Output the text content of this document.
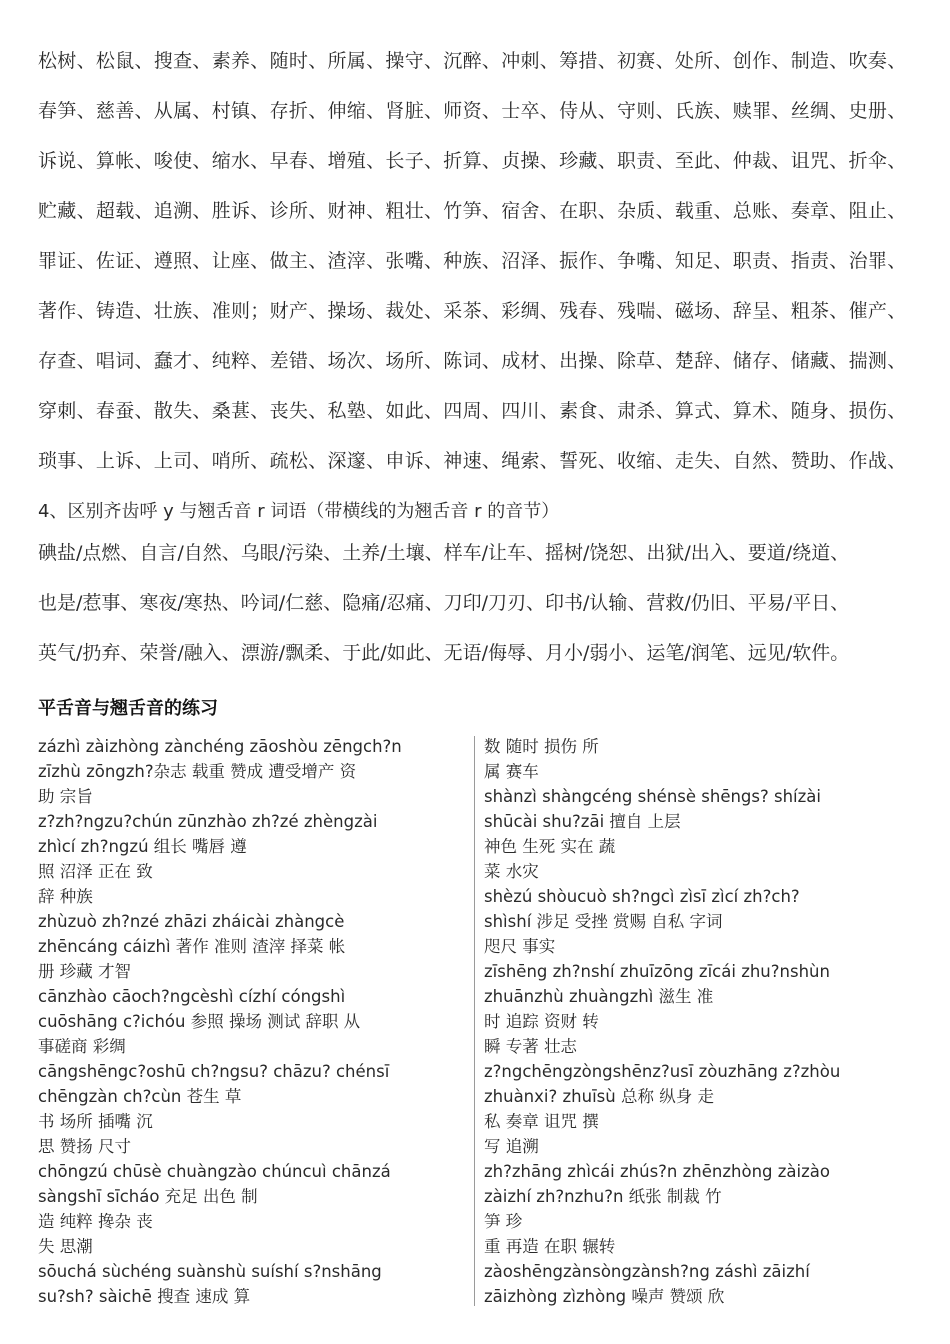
松树、松鼠、搜查、素养、随时、所属、操守、沉醉、冲刺、筹措、初赛、处所、创作、制造、吹奏、
春笋、慈善、从属、村镇、存折、伸缩、肾脏、师资、士卒、侍从、守则、氏族、赎罪、丝绸、史册、
诉说、算帐、唆使、缩水、早春、增殖、长子、折算、贞操、珍藏、职责、至此、仲裁、诅咒、折伞、
贮藏、超载、追溯、胜诉、诊所、财神、粗壮、竹笋、宿舍、在职、杂质、载重、总账、奏章、阻止、
罪证、佐证、遵照、让座、做主、渣滓、张嘴、种族、沼泽、振作、争嘴、知足、职责、指责、治罪、
著作、铸造、壮族、准则；财产、操场、裁处、采茶、彩绸、残春、残喘、磁场、辞呈、粗茶、催产、
存查、唱词、蠢才、纯粹、差错、场次、场所、陈词、成材、出操、除草、楚辞、储存、储藏、揣测、
穿刺、春蚕、散失、桑葚、丧失、私塾、如此、四周、四川、素食、肃杀、算式、算术、随身、损伤、
琐事、上诉、上司、哨所、疏松、深邃、申诉、神速、绳索、誓死、收缩、走失、自然、赞助、作战、
4、区别齐齿呼 y 与翘舌音 r 词语（带横线的为翘舌音 r 的音节）
碘盐/点燃、自言/自然、乌眼/污染、土养/土壤、样车/让车、摇树/饶恕、出狱/出入、要道/绕道、
也是/惹事、寒夜/寒热、吟词/仁慈、隐痛/忍痛、刀印/刀刃、印书/认输、营救/仍旧、平易/平日、
英气/扔弃、荣誉/融入、漂游/飘柔、于此/如此、无语/侮辱、月小/弱小、运笔/润笔、远见/软件。
平舌音与翘舌音的练习
zázhì zàizhòng zànchéng zāoshòu zēngch?n
zīzhù zōngzh?杂志 载重 赞成 遭受增产 资
助 宗旨
z?zh?ngzu?chún zūnzhào zh?zé zhèngzài
zhìcí zh?ngzú 组长 嘴唇 遵
照 沼泽 正在 致
辞 种族
zhùzuò zh?nzé zhāzi zháicài zhàngcè
zhēncáng cáizhì 著作 准则 渣滓 择菜 帐
册 珍藏 才智
cānzhào cāoch?ngcèshì cízhí cóngshì
cuōshāng c?ichóu 参照 操场 测试 辞职 从
事磋商 彩绸
cāngshēngc?oshū ch?ngsu? chāzu? chénsī
chēngzàn ch?cùn 苍生 草
书 场所 插嘴 沉
思 赞扬 尺寸
chōngzú chūsè chuàngzào chúncuì chānzá
sàngshī sīcháo 充足 出色 制
造 纯粹 搀杂 丧
失 思潮
sōuchá sùchéng suànshù suíshí s?nshāng
su?sh? sàichē 搜查 速成 算
数 随时 损伤 所
属 赛车
shànzì shàngcéng shénsè shēngs? shízài
shūcài shu?zāi 擅自 上层
神色 生死 实在 蔬
菜 水灾
shèzú shòucuò sh?ngcì zìsī zìcí zh?ch?
shìshí 涉足 受挫 赏赐 自私 字词
咫尺 事实
zīshēng zh?nshí zhuīzōng zīcái zhu?nshùn
zhuānzhù zhuàngzhì 滋生 准
时 追踪 资财 转
瞬 专著 壮志
z?ngchēngzòngshēnz?usī zòuzhāng z?zhòu
zhuànxi? zhuīsù 总称 纵身 走
私 奏章 诅咒 撰
写 追溯
zh?zhāng zhìcái zhús?n zhēnzhòng zàizào
zàizhí zh?nzhu?n 纸张 制裁 竹
笋 珍
重 再造 在职 辗转
zàoshēngzànsòngzànsh?ng záshì zāizhí
zāizhòng zìzhòng 噪声 赞颂 欣
